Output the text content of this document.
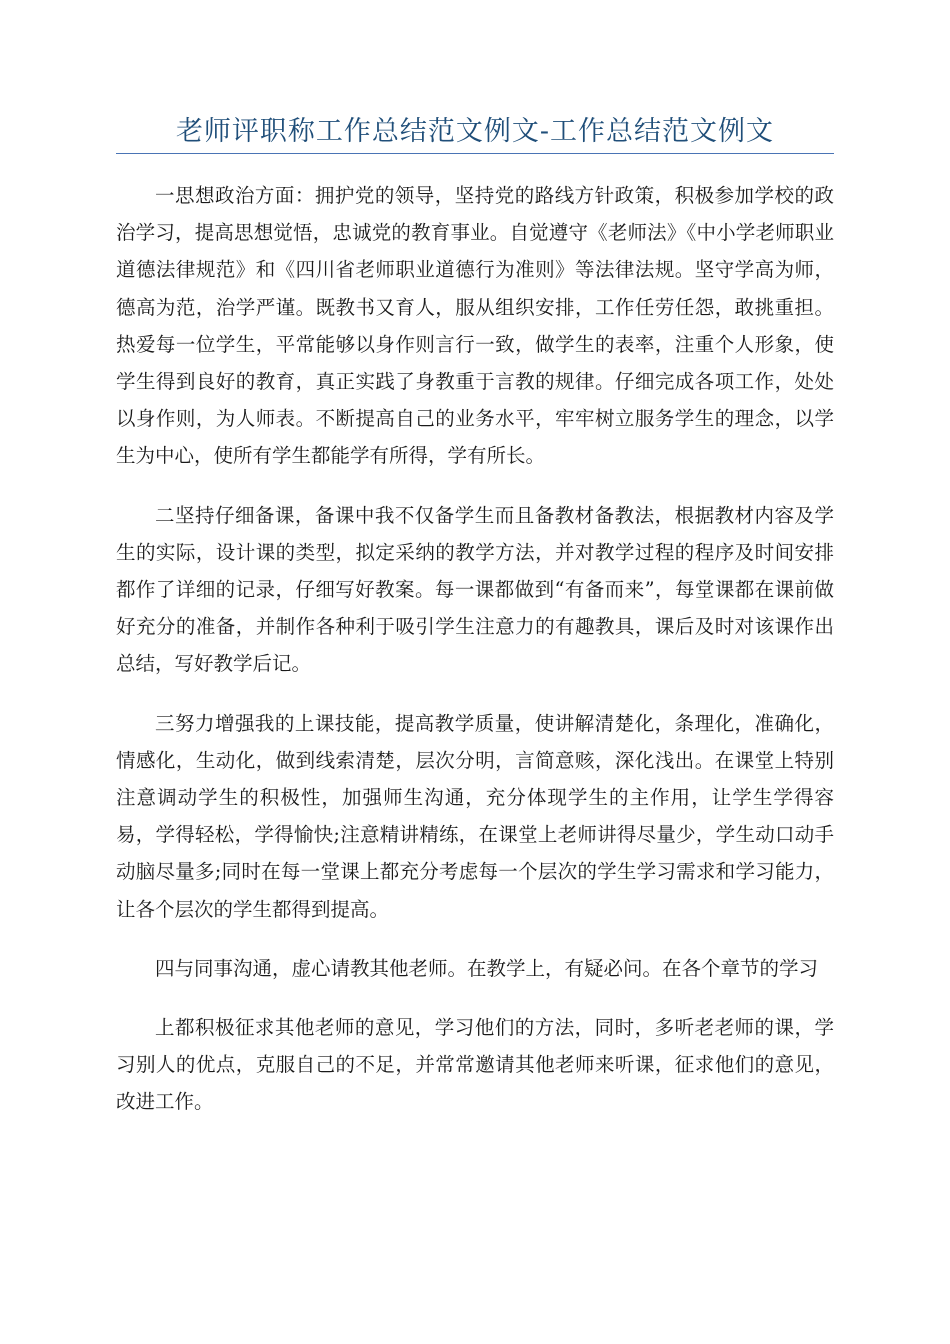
老师评职称工作总结范文例文-工作总结范文例文

一思想政治方面：拥护党的领导，坚持党的路线方针政策，积极参加学校的政治学习，提高思想觉悟，忠诚党的教育事业。自觉遵守《老师法》《中小学老师职业道德法律规范》和《四川省老师职业道德行为准则》等法律法规。坚守学高为师，德高为范，治学严谨。既教书又育人，服从组织安排，工作任劳任怨，敢挑重担。热爱每一位学生，平常能够以身作则言行一致，做学生的表率，注重个人形象，使学生得到良好的教育，真正实践了身教重于言教的规律。仔细完成各项工作，处处以身作则，为人师表。不断提高自己的业务水平，牢牢树立服务学生的理念，以学生为中心，使所有学生都能学有所得，学有所长。

二坚持仔细备课，备课中我不仅备学生而且备教材备教法，根据教材内容及学生的实际，设计课的类型，拟定采纳的教学方法，并对教学过程的程序及时间安排都作了详细的记录，仔细写好教案。每一课都做到“有备而来”，每堂课都在课前做好充分的准备，并制作各种利于吸引学生注意力的有趣教具，课后及时对该课作出总结，写好教学后记。

三努力增强我的上课技能，提高教学质量，使讲解清楚化，条理化，准确化，情感化，生动化，做到线索清楚，层次分明，言简意赅，深化浅出。在课堂上特别注意调动学生的积极性，加强师生沟通，充分体现学生的主作用，让学生学得容易，学得轻松，学得愉快;注意精讲精练，在课堂上老师讲得尽量少，学生动口动手动脑尽量多;同时在每一堂课上都充分考虑每一个层次的学生学习需求和学习能力，让各个层次的学生都得到提高。

四与同事沟通，虚心请教其他老师。在教学上，有疑必问。在各个章节的学习

上都积极征求其他老师的意见，学习他们的方法，同时，多听老老师的课，学习别人的优点，克服自己的不足，并常常邀请其他老师来听课，征求他们的意见，改进工作。
